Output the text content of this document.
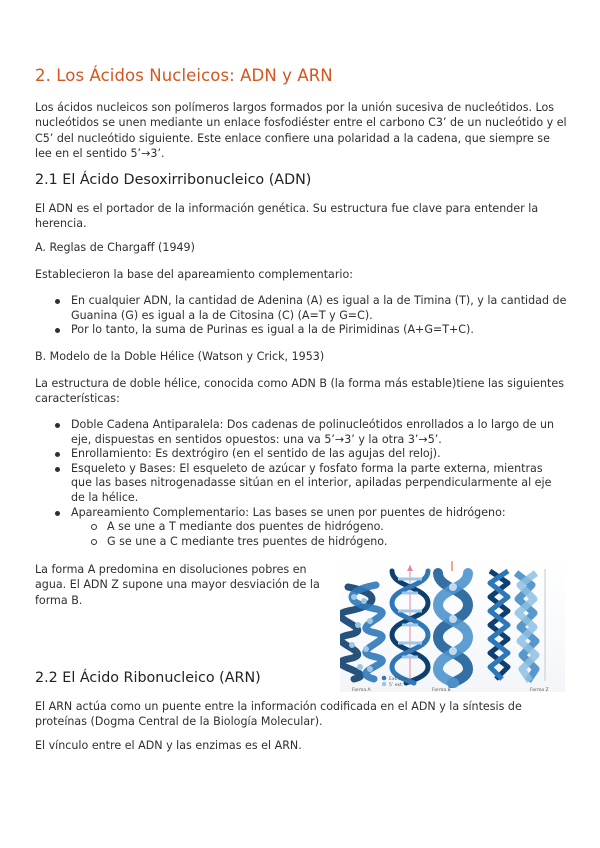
2. Los Ácidos Nucleicos: ADN y ARN

Los ácidos nucleicos son polímeros largos formados por la unión sucesiva de nucleótidos. Los nucleótidos se unen mediante un enlace fosfodiéster entre el carbono C3’ de un nucleótido y el C5’ del nucleótido siguiente. Este enlace confiere una polaridad a la cadena, que siempre se lee en el sentido 5’→3’.

2.1 El Ácido Desoxirribonucleico (ADN)

El ADN es el portador de la información genética. Su estructura fue clave para entender la herencia.

A. Reglas de Chargaff (1949)

Establecieron la base del apareamiento complementario:

En cualquier ADN, la cantidad de Adenina (A) es igual a la de Timina (T), y la cantidad de Guanina (G) es igual a la de Citosina (C) (A=T y G=C).
Por lo tanto, la suma de Purinas es igual a la de Pirimidinas (A+G=T+C).

B. Modelo de la Doble Hélice (Watson y Crick, 1953)

La estructura de doble hélice, conocida como ADN B (la forma más estable)tiene las siguientes características:

Doble Cadena Antiparalela: Dos cadenas de polinucleótidos enrollados a lo largo de un eje, dispuestas en sentidos opuestos: una va 5’→3’ y la otra 3’→5’.
Enrollamiento: Es dextrógiro (en el sentido de las agujas del reloj).
Esqueleto y Bases: El esqueleto de azúcar y fosfato forma la parte externa, mientras que las bases nitrogenadasse sitúan en el interior, apiladas perpendicularmente al eje de la hélice.
Apareamiento Complementario: Las bases se unen por puentes de hidrógeno:
A se une a T mediante dos puentes de hidrógeno.
G se une a C mediante tres puentes de hidrógeno.

La forma A predomina en disoluciones pobres en agua. El ADN Z supone una mayor desviación de la forma B.

2.2 El Ácido Ribonucleico (ARN)

El ARN actúa como un puente entre la información codificada en el ADN y la síntesis de proteínas (Dogma Central de la Biología Molecular).

El vínculo entre el ADN y las enzimas es el ARN.

Extremo
5’ ext.
Forma A	Forma B	Forma Z
